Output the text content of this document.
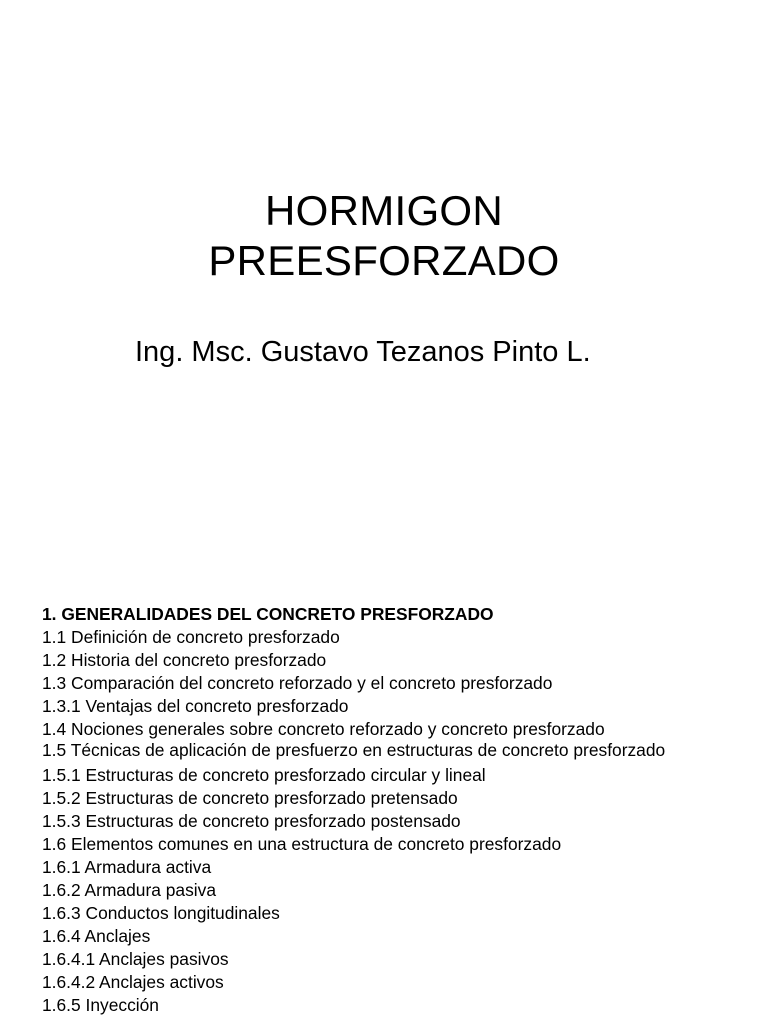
HORMIGON
PREESFORZADO
Ing. Msc. Gustavo Tezanos Pinto L.
1. GENERALIDADES DEL CONCRETO PRESFORZADO
1.1 Definición de concreto presforzado
1.2 Historia del concreto presforzado
1.3 Comparación del concreto reforzado y el concreto presforzado
1.3.1 Ventajas del concreto presforzado
1.4 Nociones generales sobre concreto reforzado y concreto presforzado
1.5 Técnicas de aplicación de presfuerzo en estructuras de concreto presforzado
1.5.1 Estructuras de concreto presforzado circular y lineal
1.5.2 Estructuras de concreto presforzado pretensado
1.5.3 Estructuras de concreto presforzado postensado
1.6 Elementos comunes en una estructura de concreto presforzado
1.6.1 Armadura activa
1.6.2 Armadura pasiva
1.6.3 Conductos longitudinales
1.6.4 Anclajes
1.6.4.1 Anclajes pasivos
1.6.4.2 Anclajes activos
1.6.5 Inyección
